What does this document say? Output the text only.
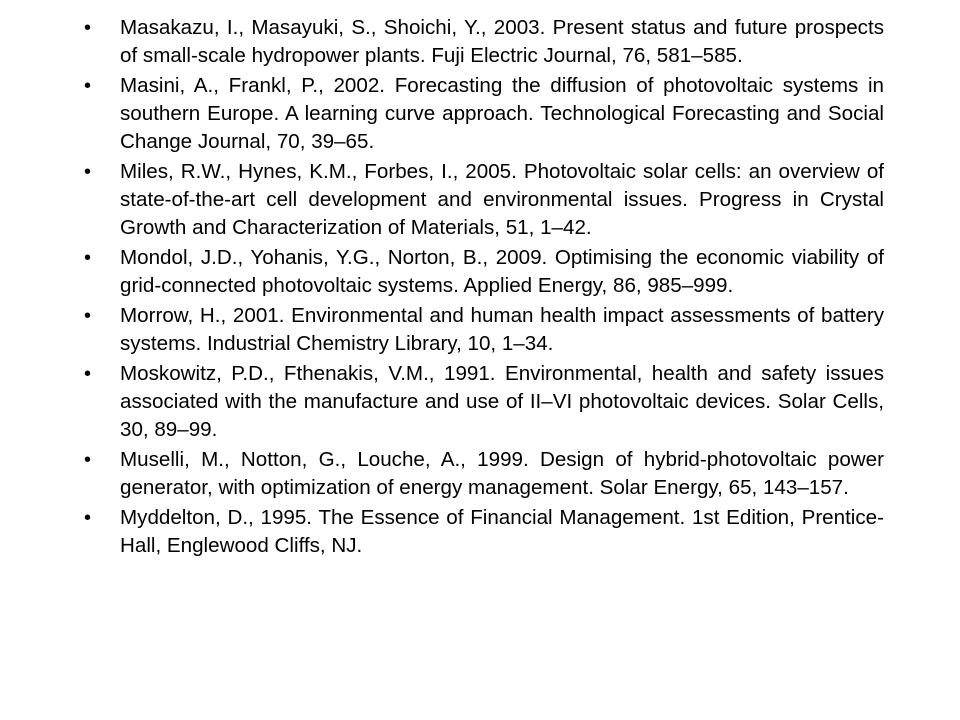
•	Masakazu, I., Masayuki, S., Shoichi, Y., 2003. Present status and future prospects of small-scale hydropower plants. Fuji Electric Journal, 76, 581–585.
•	Masini, A., Frankl, P., 2002. Forecasting the diffusion of photovoltaic systems in southern Europe. A learning curve approach. Technological Forecasting and Social Change Journal, 70, 39–65.
•	Miles, R.W., Hynes, K.M., Forbes, I., 2005. Photovoltaic solar cells: an overview of state-of-the-art cell development and environmental issues. Progress in Crystal Growth and Characterization of Materials, 51, 1–42.
•	Mondol, J.D., Yohanis, Y.G., Norton, B., 2009. Optimising the economic viability of grid-connected photovoltaic systems. Applied Energy, 86, 985–999.
•	Morrow, H., 2001. Environmental and human health impact assessments of battery systems. Industrial Chemistry Library, 10, 1–34.
•	Moskowitz, P.D., Fthenakis, V.M., 1991. Environmental, health and safety issues associated with the manufacture and use of II–VI photovoltaic devices. Solar Cells, 30, 89–99.
•	Muselli, M., Notton, G., Louche, A., 1999. Design of hybrid-photovoltaic power generator, with optimization of energy management. Solar Energy, 65, 143–157.
•	Myddelton, D., 1995. The Essence of Financial Management. 1st Edition, Prentice-Hall, Englewood Cliffs, NJ.
